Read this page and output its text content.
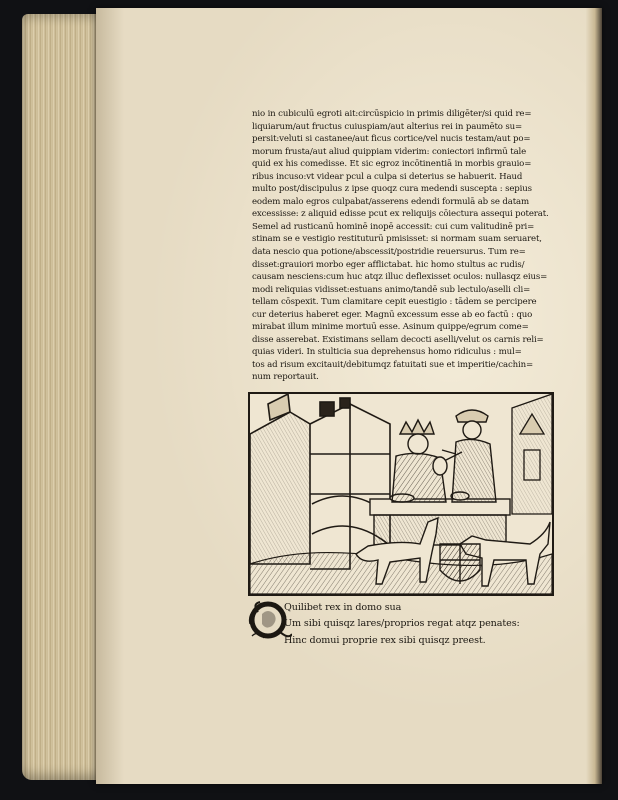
nio in cubiculū egroti ait:circūspicio in primis diligēter/si quid re=
liquiarum/aut fructus cuiuspiam/aut alterius rei in paumēto su=
persit:veluti si castanee/aut ficus cortice/vel nucis testam/aut po=
morum frusta/aut aliud quippiam viderim: coniectori infirmū tale
quid ex his comedisse. Et sic egroz incōtinentiā in morbis grauio=
ribus incuso:vt videar pcul a culpa si deterius se habuerit. Haud
multo post/discipulus z ipse quoqz cura medendi suscepta : sepius
eodem malo egros culpabat/asserens edendi formulā ab se datam
excessisse: z aliquid edisse pcut ex reliquijs cōiectura assequi poterat.
Semel ad rusticanū hominē inopē accessit: cui cum valitudinē pri=
stinam se e vestigio restituturū pmisisset: si normam suam seruaret,
data nescio qua potione/abscessit/postridie reuersurus. Tum re=
disset:grauiori morbo eger afflictabat. hic homo stultus ac rudis/
causam nesciens:cum huc atqz illuc deflexisset oculos: nullasqz eius=
modi reliquias vidisset:estuans animo/tandē sub lectulo/aselli cli=
tellam cōspexit. Tum clamitare cepit euestigio : tādem se percipere
cur deterius haberet eger. Magnū excessum esse ab eo factū : quo
mirabat illum minime mortuū esse. Asinum quippe/egrum come=
disse asserebat. Existimans sellam decocti aselli/velut os carnis reli=
quias videri. In stulticia sua deprehensus homo ridiculus : mul=
tos ad risum excitauit/debitumqz fatuitati sue et imperitie/cachin=
num reportauit.
Quilibet rex in domo sua
Um sibi quisqz lares/proprios regat atqz penates:
Hinc domui proprie rex sibi quisqz preest.
